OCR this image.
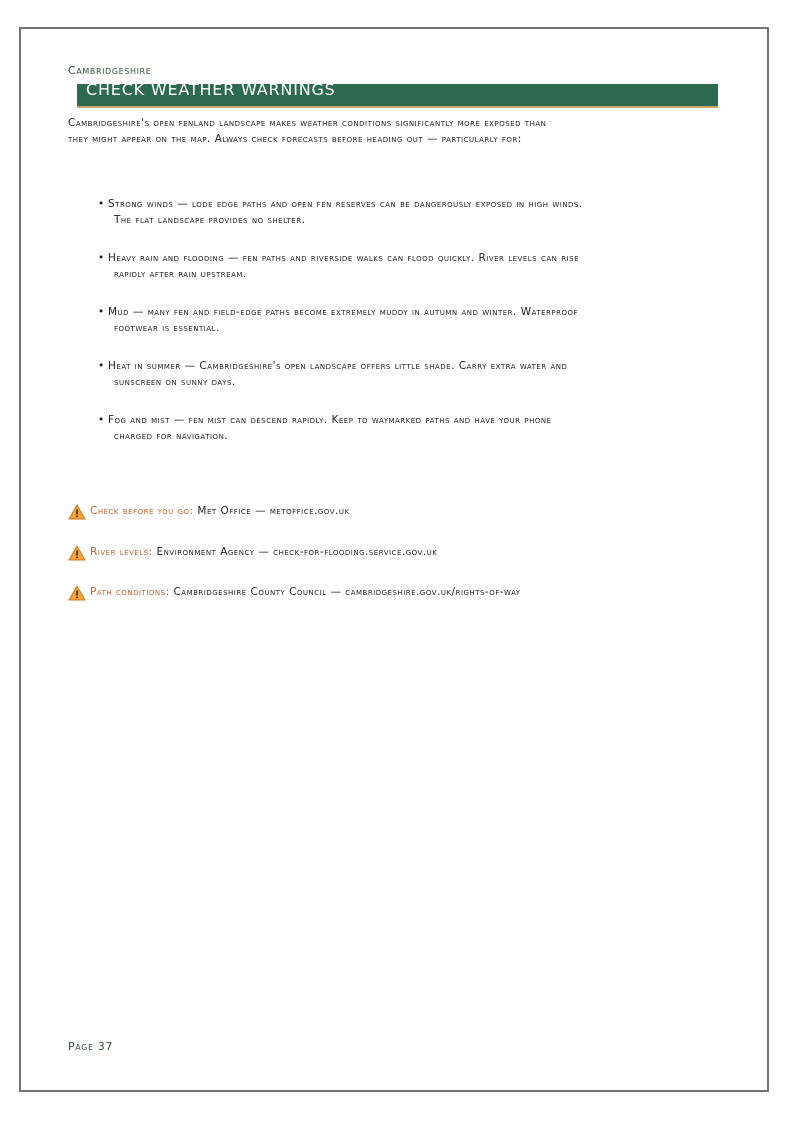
Cambridgeshire
CHECK WEATHER WARNINGS
Cambridgeshire's open fenland landscape makes weather conditions significantly more exposed than they might appear on the map. Always check forecasts before heading out — particularly for:
• Strong winds — lode edge paths and open fen reserves can be dangerously exposed in high winds. The flat landscape provides no shelter.
• Heavy rain and flooding — fen paths and riverside walks can flood quickly. River levels can rise rapidly after rain upstream.
• Mud — many fen and field-edge paths become extremely muddy in autumn and winter. Waterproof footwear is essential.
• Heat in summer — Cambridgeshire's open landscape offers little shade. Carry extra water and sunscreen on sunny days.
• Fog and mist — fen mist can descend rapidly. Keep to waymarked paths and have your phone charged for navigation.
Check before you go: Met Office — metoffice.gov.uk
River levels: Environment Agency — check-for-flooding.service.gov.uk
Path conditions: Cambridgeshire County Council — cambridgeshire.gov.uk/rights-of-way
Page 37
